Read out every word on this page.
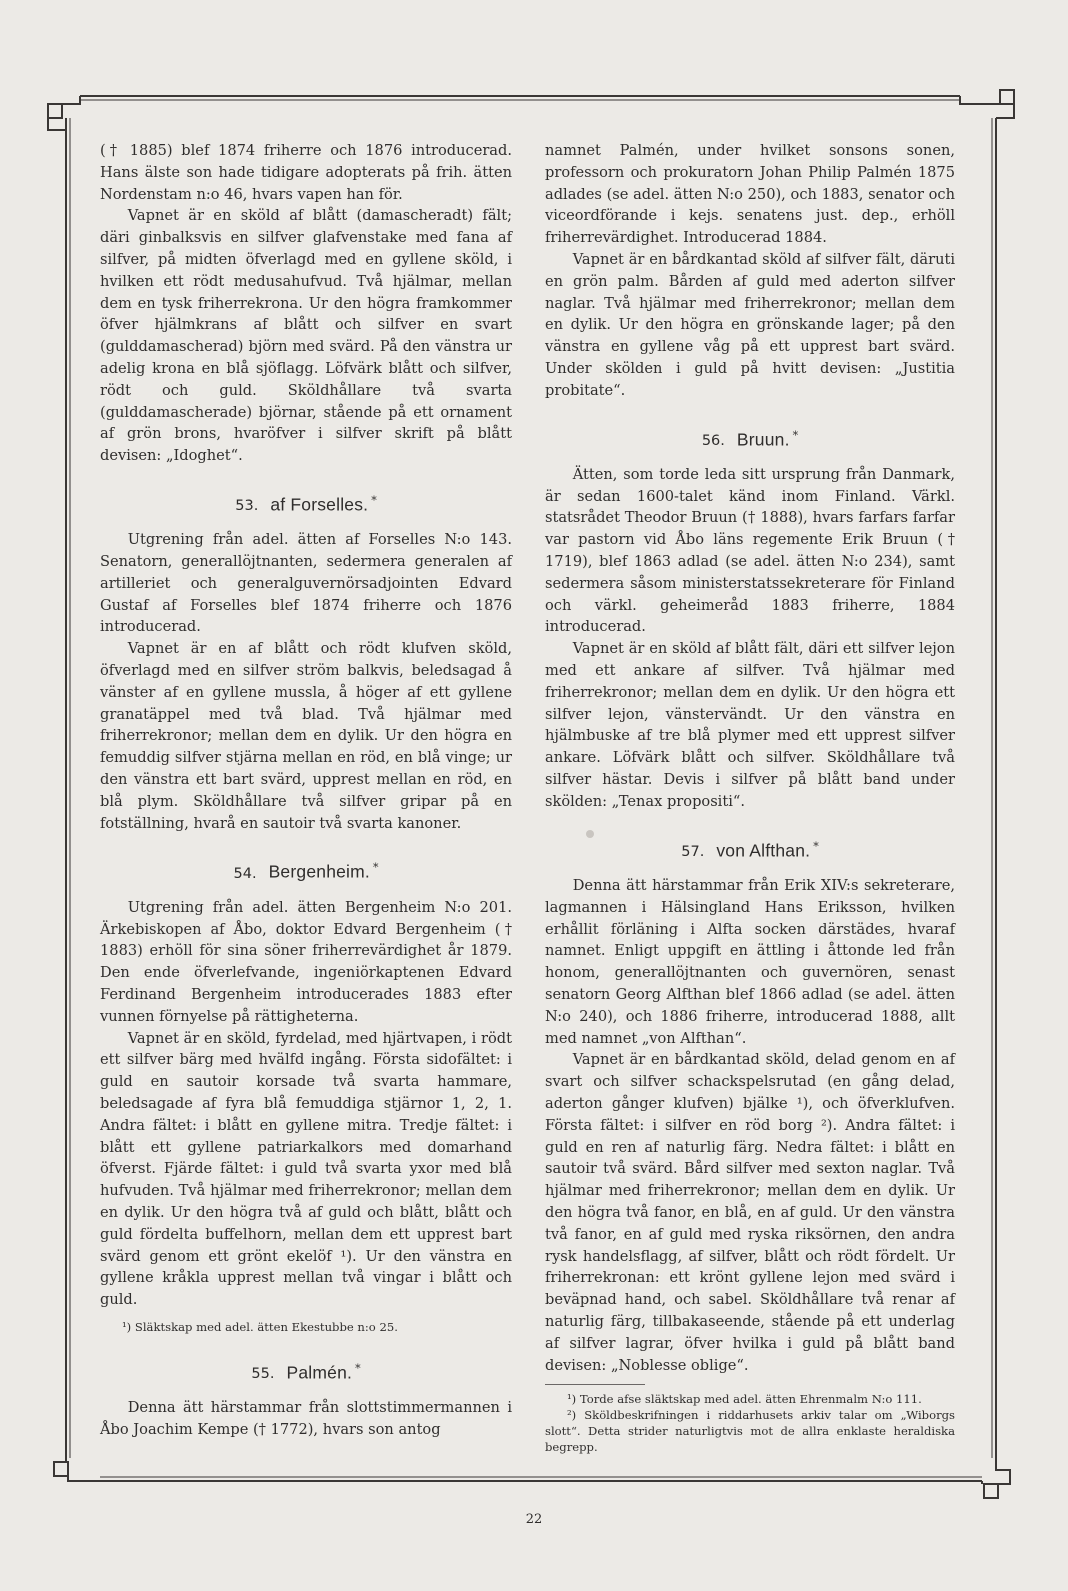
(† 1885) blef 1874 friherre och 1876 introducerad. Hans älste son hade tidigare adopterats på frih. ätten Nordenstam n:o 46, hvars vapen han för.

Vapnet är en sköld af blått (damascheradt) fält; däri ginbalksvis en silfver glafvenstake med fana af silfver, på midten öfverlagd med en gyllene sköld, i hvilken ett rödt medusahufvud. Två hjälmar, mellan dem en tysk friherrekrona. Ur den högra framkommer öfver hjälmkrans af blått och silfver en svart (gulddamascherad) björn med svärd. På den vänstra ur adelig krona en blå sjöflagg. Löfvärk blått och silfver, rödt och guld. Sköldhållare två svarta (gulddamascherade) björnar, stående på ett ornament af grön brons, hvaröfver i silfver skrift på blått devisen: „Idoghet“.

53. af Forselles. *

Utgrening från adel. ätten af Forselles N:o 143. Senatorn, generallöjtnanten, sedermera generalen af artilleriet och generalguvernörsadjointen Edvard Gustaf af Forselles blef 1874 friherre och 1876 introducerad.

Vapnet är en af blått och rödt klufven sköld, öfverlagd med en silfver ström balkvis, beledsagad å vänster af en gyllene mussla, å höger af ett gyllene granatäppel med två blad. Två hjälmar med friherrekronor; mellan dem en dylik. Ur den högra en femuddig silfver stjärna mellan en röd, en blå vinge; ur den vänstra ett bart svärd, upprest mellan en röd, en blå plym. Sköldhållare två silfver gripar på en fotställning, hvarå en sautoir två svarta kanoner.

54. Bergenheim. *

Utgrening från adel. ätten Bergenheim N:o 201. Ärkebiskopen af Åbo, doktor Edvard Bergenheim († 1883) erhöll för sina söner friherrevärdighet år 1879. Den ende öfverlefvande, ingeniörkaptenen Edvard Ferdinand Bergenheim introducerades 1883 efter vunnen förnyelse på rättigheterna.

Vapnet är en sköld, fyrdelad, med hjärtvapen, i rödt ett silfver bärg med hvälfd ingång. Första sidofältet: i guld en sautoir korsade två svarta hammare, beledsagade af fyra blå femuddiga stjärnor 1, 2, 1. Andra fältet: i blått en gyllene mitra. Tredje fältet: i blått ett gyllene patriarkalkors med domarhand öfverst. Fjärde fältet: i guld två svarta yxor med blå hufvuden. Två hjälmar med friherrekronor; mellan dem en dylik. Ur den högra två af guld och blått, blått och guld fördelta buffelhorn, mellan dem ett upprest bart svärd genom ett grönt ekelöf ¹). Ur den vänstra en gyllene kråkla upprest mellan två vingar i blått och guld.

¹) Släktskap med adel. ätten Ekestubbe n:o 25.

55. Palmén. *

Denna ätt härstammar från slottstimmermannen i Åbo Joachim Kempe († 1772), hvars son antog

namnet Palmén, under hvilket sonsons sonen, professorn och prokuratorn Johan Philip Palmén 1875 adlades (se adel. ätten N:o 250), och 1883, senator och viceordförande i kejs. senatens just. dep., erhöll friherrevärdighet. Introducerad 1884.

Vapnet är en bårdkantad sköld af silfver fält, däruti en grön palm. Bården af guld med aderton silfver naglar. Två hjälmar med friherrekronor; mellan dem en dylik. Ur den högra en grönskande lager; på den vänstra en gyllene våg på ett upprest bart svärd. Under skölden i guld på hvitt devisen: „Justitia probitate“.

56. Bruun. *

Ätten, som torde leda sitt ursprung från Danmark, är sedan 1600-talet känd inom Finland. Värkl. statsrådet Theodor Bruun († 1888), hvars farfars farfar var pastorn vid Åbo läns regemente Erik Bruun († 1719), blef 1863 adlad (se adel. ätten N:o 234), samt sedermera såsom ministerstatssekreterare för Finland och värkl. geheimeråd 1883 friherre, 1884 introducerad.

Vapnet är en sköld af blått fält, däri ett silfver lejon med ett ankare af silfver. Två hjälmar med friherrekronor; mellan dem en dylik. Ur den högra ett silfver lejon, vänstervändt. Ur den vänstra en hjälmbuske af tre blå plymer med ett upprest silfver ankare. Löfvärk blått och silfver. Sköldhållare två silfver hästar. Devis i silfver på blått band under skölden: „Tenax propositi“.

57. von Alfthan. *

Denna ätt härstammar från Erik XIV:s sekreterare, lagmannen i Hälsingland Hans Eriksson, hvilken erhållit förläning i Alfta socken därstädes, hvaraf namnet. Enligt uppgift en ättling i åttonde led från honom, generallöjtnanten och guvernören, senast senatorn Georg Alfthan blef 1866 adlad (se adel. ätten N:o 240), och 1886 friherre, introducerad 1888, allt med namnet „von Alfthan“.

Vapnet är en bårdkantad sköld, delad genom en af svart och silfver schackspelsrutad (en gång delad, aderton gånger klufven) bjälke ¹), och öfverklufven. Första fältet: i silfver en röd borg ²). Andra fältet: i guld en ren af naturlig färg. Nedra fältet: i blått en sautoir två svärd. Bård silfver med sexton naglar. Två hjälmar med friherrekronor; mellan dem en dylik. Ur den högra två fanor, en blå, en af guld. Ur den vänstra två fanor, en af guld med ryska riksörnen, den andra rysk handelsflagg, af silfver, blått och rödt fördelt. Ur friherrekronan: ett krönt gyllene lejon med svärd i beväpnad hand, och sabel. Sköldhållare två renar af naturlig färg, tillbakaseende, stående på ett underlag af silfver lagrar, öfver hvilka i guld på blått band devisen: „Noblesse oblige“.

¹) Torde afse släktskap med adel. ätten Ehrenmalm N:o 111.

²) Sköldbeskrifningen i riddarhusets arkiv talar om „Wiborgs slott“. Detta strider naturligtvis mot de allra enklaste heraldiska begrepp.

22
